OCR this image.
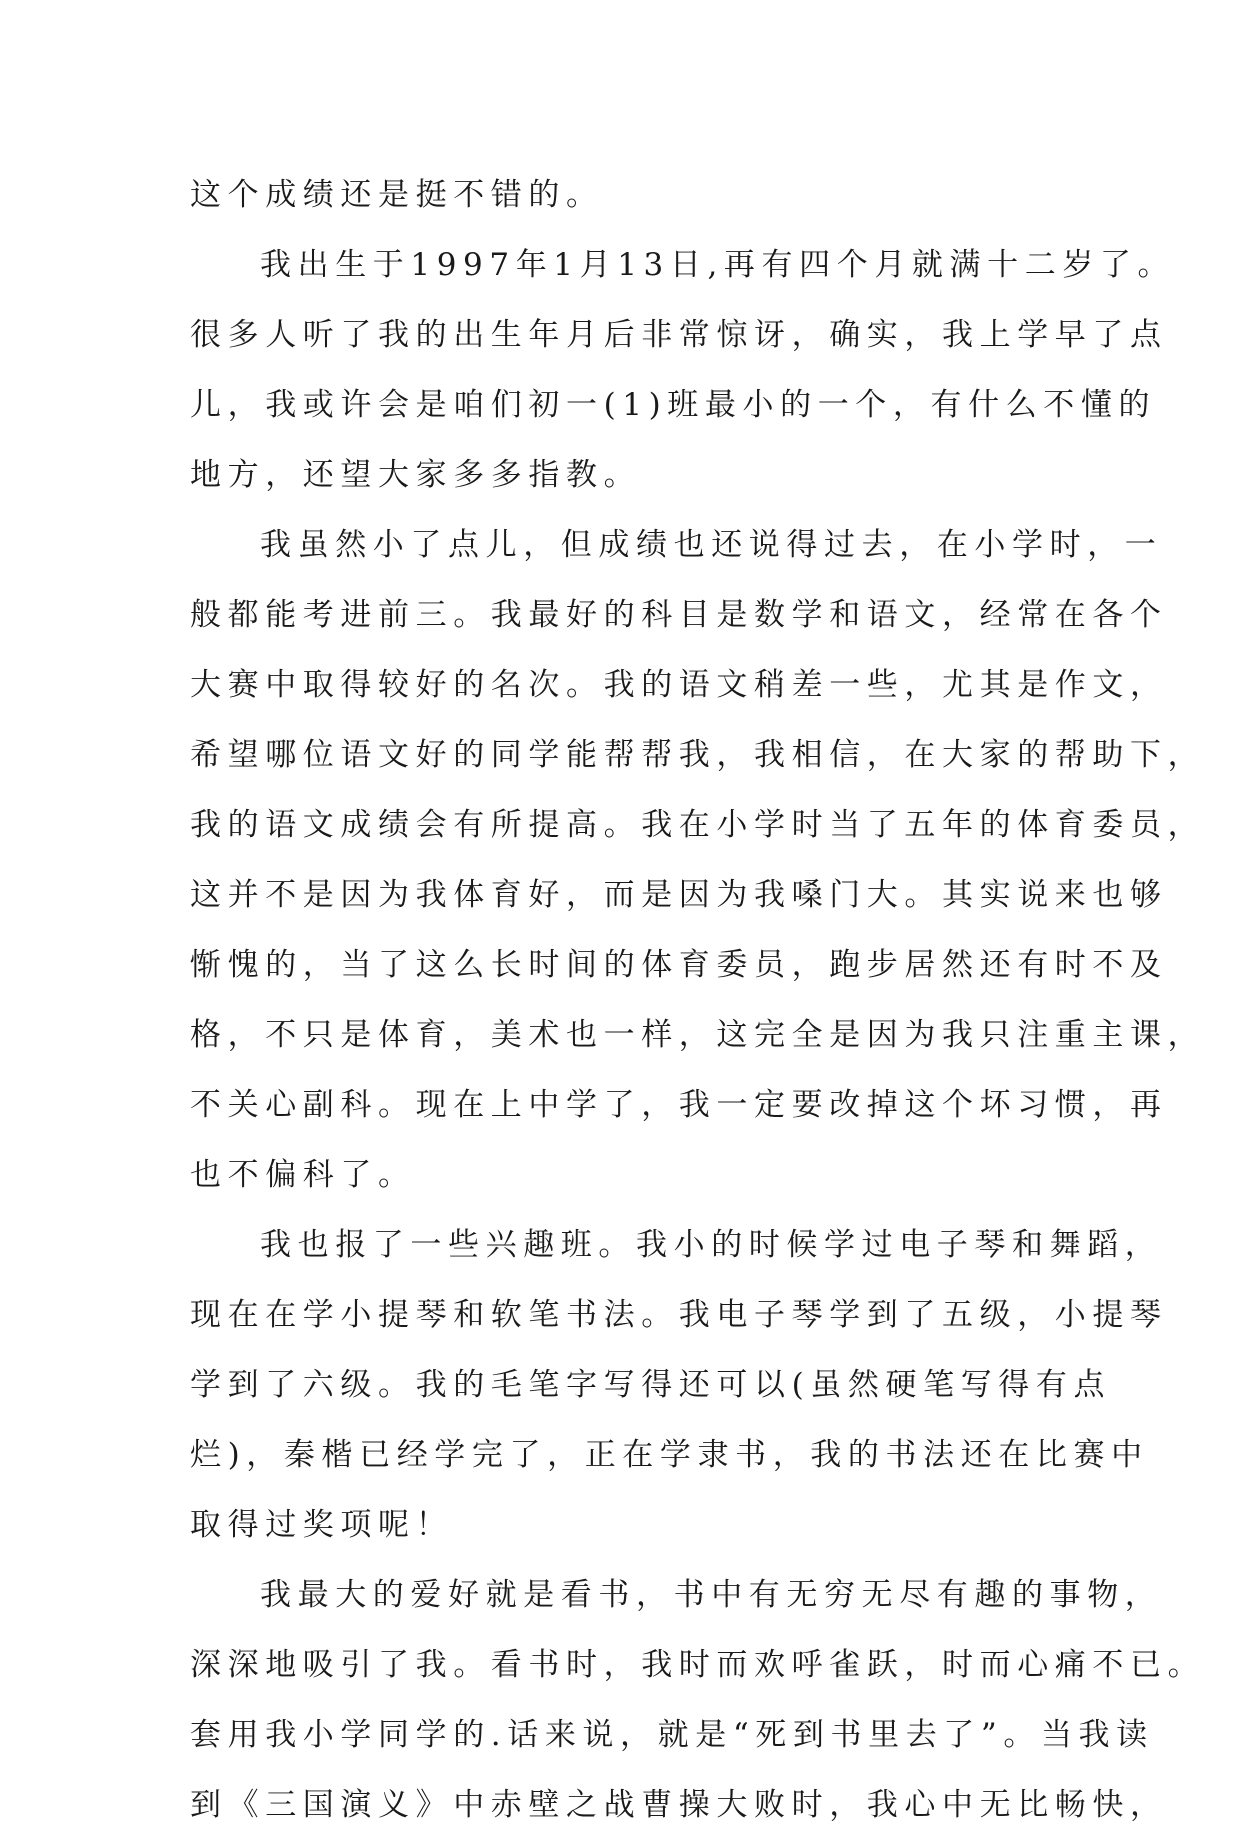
这个成绩还是挺不错的。
我出生于1997年1月13日,再有四个月就满十二岁了。
很多人听了我的出生年月后非常惊讶，确实，我上学早了点
儿，我或许会是咱们初一(1)班最小的一个，有什么不懂的
地方，还望大家多多指教。
我虽然小了点儿，但成绩也还说得过去，在小学时，一
般都能考进前三。我最好的科目是数学和语文，经常在各个
大赛中取得较好的名次。我的语文稍差一些，尤其是作文，
希望哪位语文好的同学能帮帮我，我相信，在大家的帮助下，
我的语文成绩会有所提高。我在小学时当了五年的体育委员，
这并不是因为我体育好，而是因为我嗓门大。其实说来也够
惭愧的，当了这么长时间的体育委员，跑步居然还有时不及
格，不只是体育，美术也一样，这完全是因为我只注重主课，
不关心副科。现在上中学了，我一定要改掉这个坏习惯，再
也不偏科了。
我也报了一些兴趣班。我小的时候学过电子琴和舞蹈，
现在在学小提琴和软笔书法。我电子琴学到了五级，小提琴
学到了六级。我的毛笔字写得还可以(虽然硬笔写得有点
烂)，秦楷已经学完了，正在学隶书，我的书法还在比赛中
取得过奖项呢！
我最大的爱好就是看书，书中有无穷无尽有趣的事物，
深深地吸引了我。看书时，我时而欢呼雀跃，时而心痛不已。
套用我小学同学的.话来说，就是“死到书里去了”。当我读
到《三国演义》中赤壁之战曹操大败时，我心中无比畅快，
